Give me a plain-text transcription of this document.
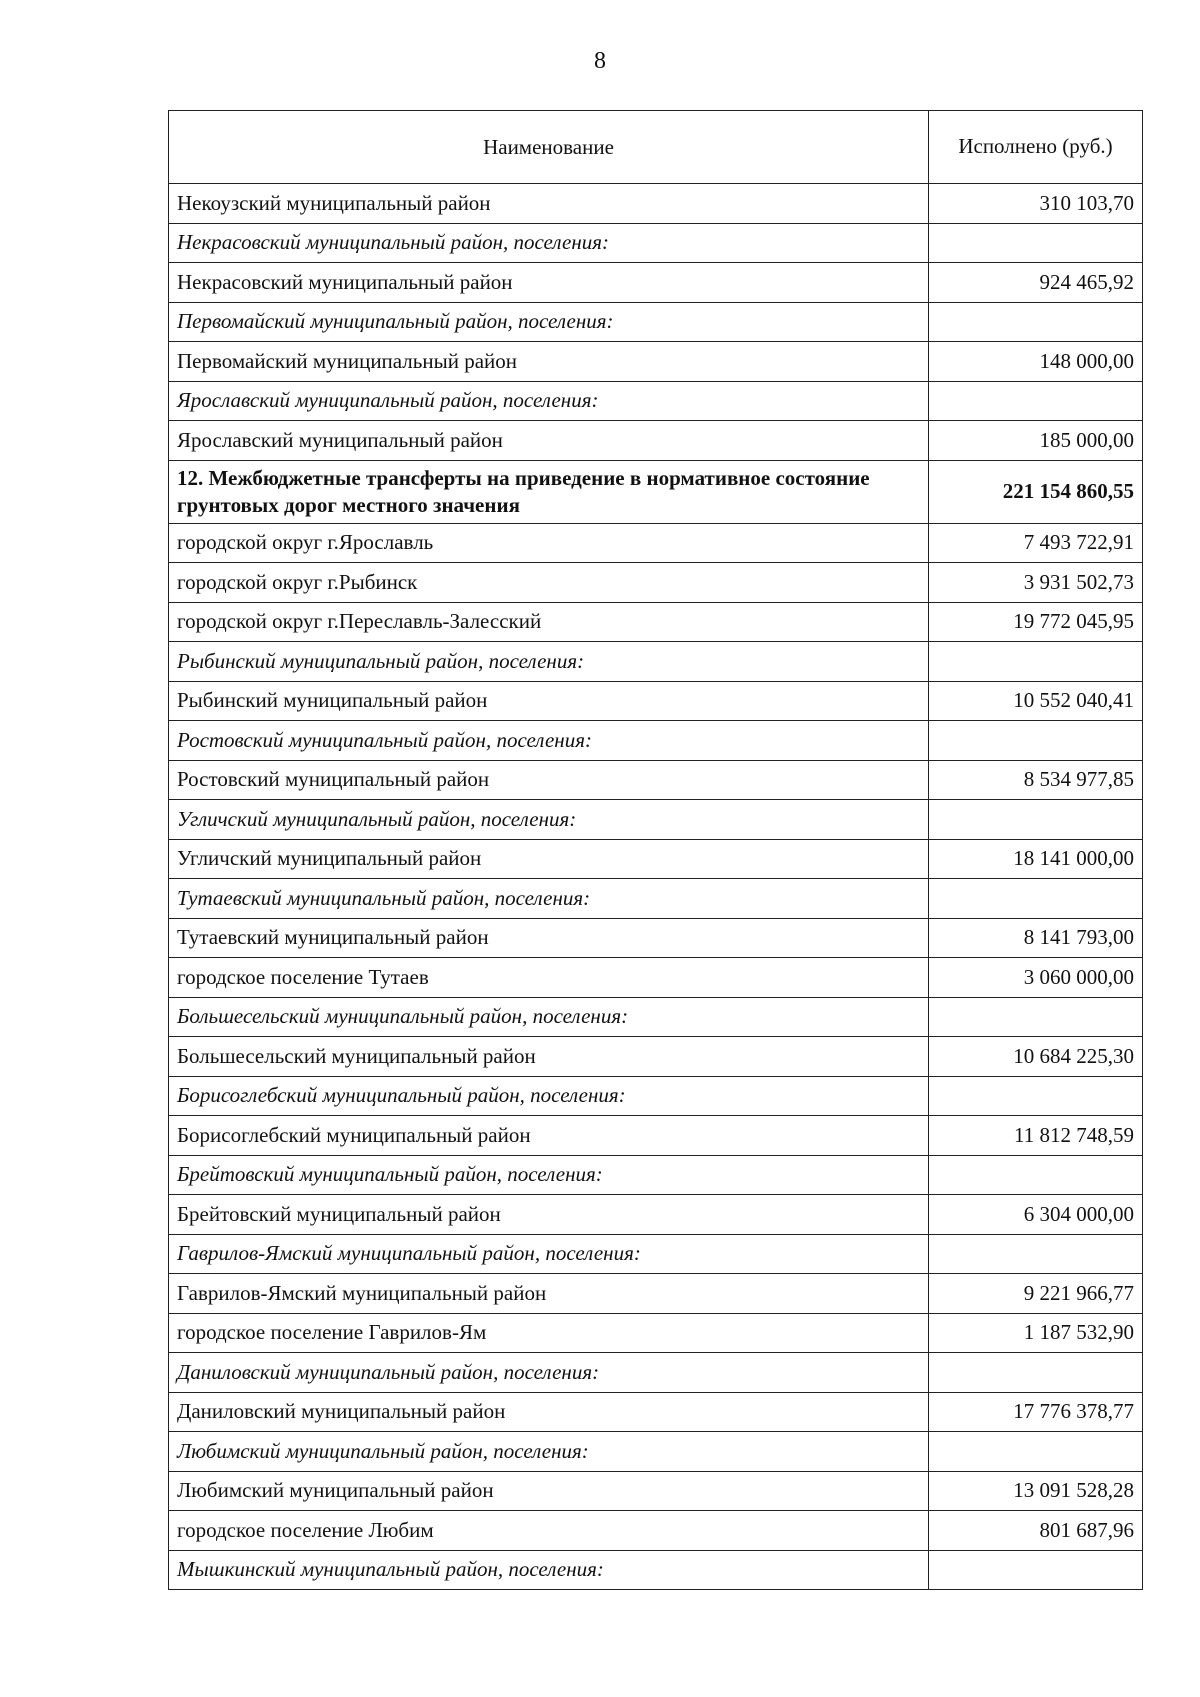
8
Наименование	Исполнено (руб.)
Некоузский муниципальный район	310 103,70
Некрасовский муниципальный район, поселения:	
Некрасовский муниципальный район	924 465,92
Первомайский муниципальный район, поселения:	
Первомайский муниципальный район	148 000,00
Ярославский муниципальный район, поселения:	
Ярославский муниципальный район	185 000,00
12. Межбюджетные трансферты на приведение в нормативное состояние грунтовых дорог местного значения	221 154 860,55
городской округ г.Ярославль	7 493 722,91
городской округ г.Рыбинск	3 931 502,73
городской округ г.Переславль-Залесский	19 772 045,95
Рыбинский муниципальный район, поселения:	
Рыбинский муниципальный район	10 552 040,41
Ростовский муниципальный район, поселения:	
Ростовский муниципальный район	8 534 977,85
Угличский муниципальный район, поселения:	
Угличский муниципальный район	18 141 000,00
Тутаевский муниципальный район, поселения:	
Тутаевский муниципальный район	8 141 793,00
городское поселение Тутаев	3 060 000,00
Большесельский муниципальный район, поселения:	
Большесельский муниципальный район	10 684 225,30
Борисоглебский муниципальный район, поселения:	
Борисоглебский муниципальный район	11 812 748,59
Брейтовский муниципальный район, поселения:	
Брейтовский муниципальный район	6 304 000,00
Гаврилов-Ямский муниципальный район, поселения:	
Гаврилов-Ямский муниципальный район	9 221 966,77
городское поселение Гаврилов-Ям	1 187 532,90
Даниловский муниципальный район, поселения:	
Даниловский муниципальный район	17 776 378,77
Любимский муниципальный район, поселения:	
Любимский муниципальный район	13 091 528,28
городское поселение Любим	801 687,96
Мышкинский муниципальный район, поселения:	
